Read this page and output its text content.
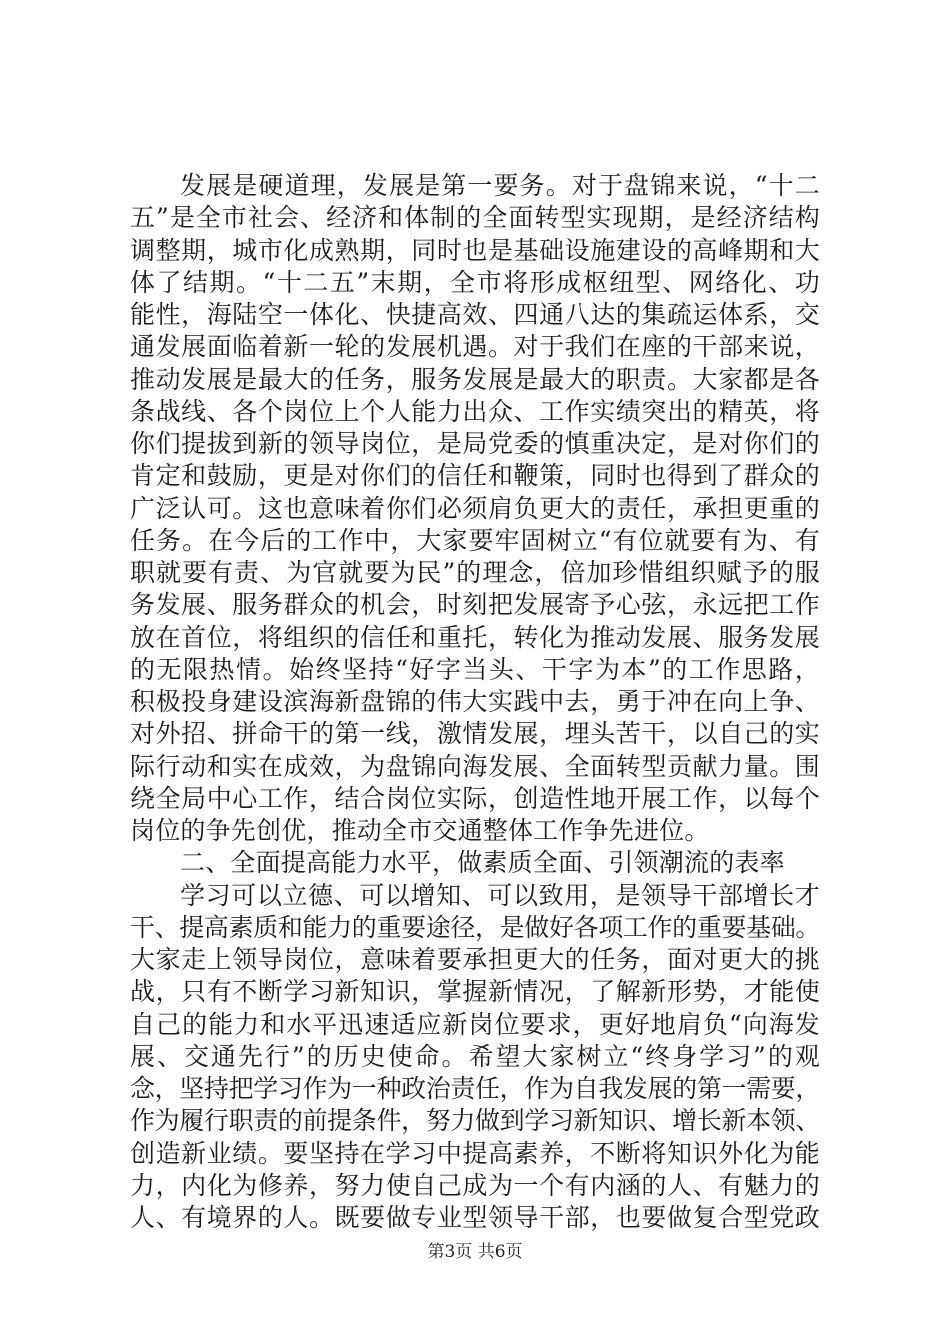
发展是硬道理，发展是第一要务。对于盘锦来说，“十二
五”是全市社会、经济和体制的全面转型实现期，是经济结构
调整期，城市化成熟期，同时也是基础设施建设的高峰期和大
体了结期。“十二五”末期，全市将形成枢纽型、网络化、功
能性，海陆空一体化、快捷高效、四通八达的集疏运体系，交
通发展面临着新一轮的发展机遇。对于我们在座的干部来说，
推动发展是最大的任务，服务发展是最大的职责。大家都是各
条战线、各个岗位上个人能力出众、工作实绩突出的精英，将
你们提拔到新的领导岗位，是局党委的慎重决定，是对你们的
肯定和鼓励，更是对你们的信任和鞭策，同时也得到了群众的
广泛认可。这也意味着你们必须肩负更大的责任，承担更重的
任务。在今后的工作中，大家要牢固树立“有位就要有为、有
职就要有责、为官就要为民”的理念，倍加珍惜组织赋予的服
务发展、服务群众的机会，时刻把发展寄予心弦，永远把工作
放在首位，将组织的信任和重托，转化为推动发展、服务发展
的无限热情。始终坚持“好字当头、干字为本”的工作思路，
积极投身建设滨海新盘锦的伟大实践中去，勇于冲在向上争、
对外招、拼命干的第一线，激情发展，埋头苦干，以自己的实
际行动和实在成效，为盘锦向海发展、全面转型贡献力量。围
绕全局中心工作，结合岗位实际，创造性地开展工作，以每个
岗位的争先创优，推动全市交通整体工作争先进位。
二、全面提高能力水平，做素质全面、引领潮流的表率
学习可以立德、可以增知、可以致用，是领导干部增长才
干、提高素质和能力的重要途径，是做好各项工作的重要基础。
大家走上领导岗位，意味着要承担更大的任务，面对更大的挑
战，只有不断学习新知识，掌握新情况，了解新形势，才能使
自己的能力和水平迅速适应新岗位要求，更好地肩负“向海发
展、交通先行”的历史使命。希望大家树立“终身学习”的观
念，坚持把学习作为一种政治责任，作为自我发展的第一需要，
作为履行职责的前提条件，努力做到学习新知识、增长新本领、
创造新业绩。要坚持在学习中提高素养，不断将知识外化为能
力，内化为修养，努力使自己成为一个有内涵的人、有魅力的
人、有境界的人。既要做专业型领导干部，也要做复合型党政
第3页 共6页
